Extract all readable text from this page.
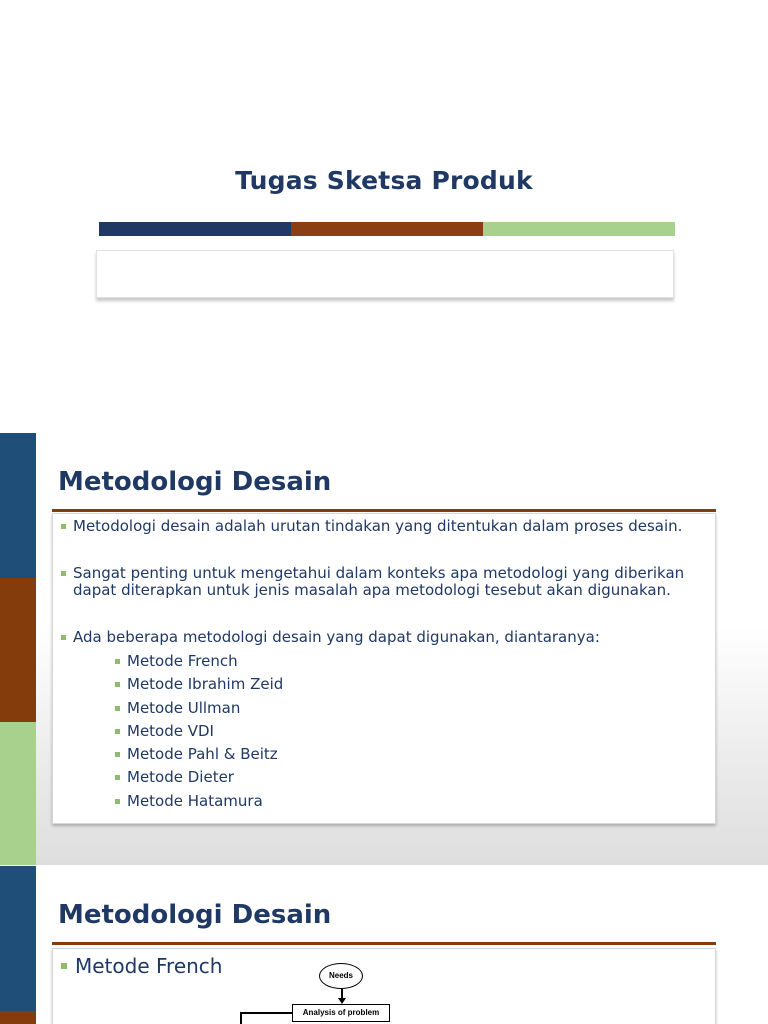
Tugas Sketsa Produk
Metodologi Desain
Metodologi desain adalah urutan tindakan yang ditentukan dalam proses desain.
Sangat penting untuk mengetahui dalam konteks apa metodologi yang diberikan dapat diterapkan untuk jenis masalah apa metodologi tesebut akan digunakan.
Ada beberapa metodologi desain yang dapat digunakan, diantaranya:
Metode French
Metode Ibrahim Zeid
Metode Ullman
Metode VDI
Metode Pahl & Beitz
Metode Dieter
Metode Hatamura
Metodologi Desain
Metode French	Needs
Analysis of problem
